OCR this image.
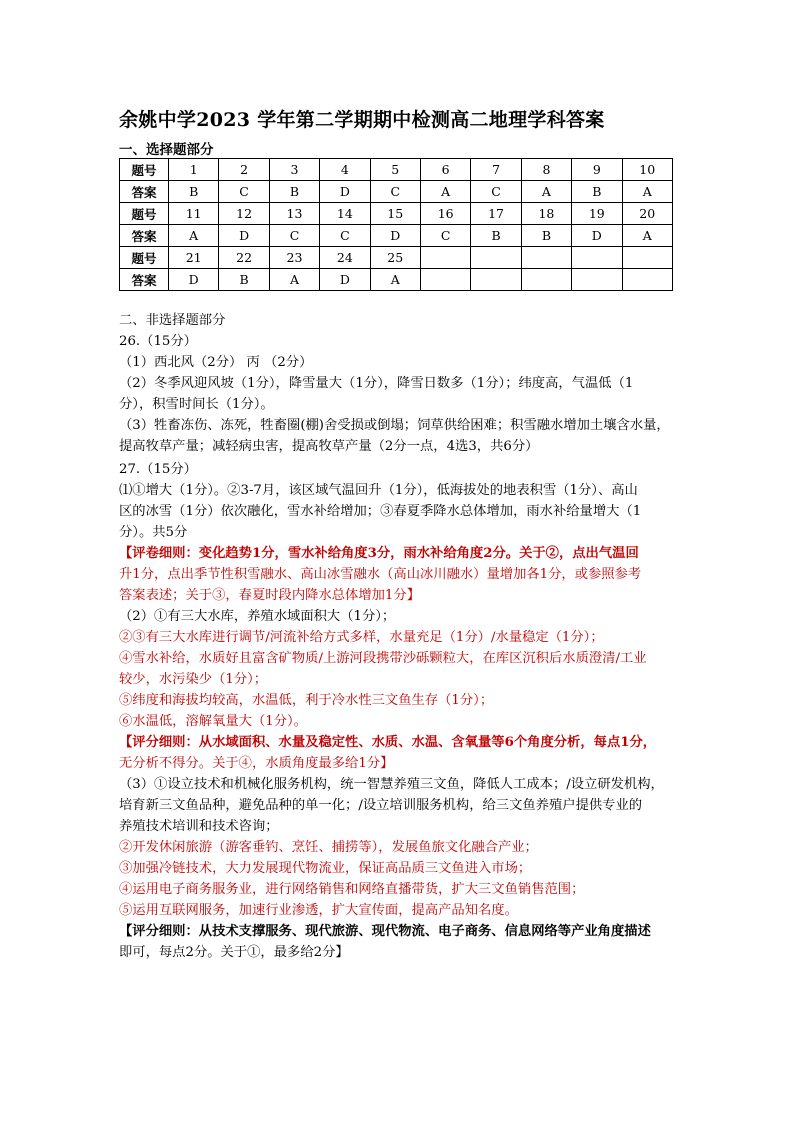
余姚中学2023 学年第二学期期中检测高二地理学科答案
一、选择题部分
题号	1	2	3	4	5	6	7	8	9	10
答案	B	C	B	D	C	A	C	A	B	A
题号	11	12	13	14	15	16	17	18	19	20
答案	A	D	C	C	D	C	B	B	D	A
题号	21	22	23	24	25					
答案	D	B	A	D	A					
二、非选择题部分
26.（15分）
（1）西北风（2分） 丙 （2分）
（2）冬季风迎风坡（1分），降雪量大（1分），降雪日数多（1分）；纬度高，气温低（1
分），积雪时间长（1分）。
（3）牲畜冻伤、冻死，牲畜圈(棚)舍受损或倒塌；饲草供给困难；积雪融水增加土壤含水量，
提高牧草产量；减轻病虫害，提高牧草产量（2分一点，4选3，共6分）
27.（15分）
⑴①增大（1分）。②3-7月，该区域气温回升（1分），低海拔处的地表积雪（1分）、高山
区的冰雪（1分）依次融化，雪水补给增加；③春夏季降水总体增加，雨水补给量增大（1
分）。共5分
【评卷细则：变化趋势1分，雪水补给角度3分，雨水补给角度2分。关于②，点出气温回
升1分，点出季节性积雪融水、高山冰雪融水（高山冰川融水）量增加各1分，或参照参考
答案表述；关于③，春夏时段内降水总体增加1分】
（2）①有三大水库，养殖水域面积大（1分）；
②③有三大水库进行调节/河流补给方式多样，水量充足（1分）/水量稳定（1分）；
④雪水补给，水质好且富含矿物质/上游河段携带沙砾颗粒大，在库区沉积后水质澄清/工业
较少，水污染少（1分）；
⑤纬度和海拔均较高，水温低，利于冷水性三文鱼生存（1分）；
⑥水温低，溶解氧量大（1分）。
【评分细则：从水域面积、水量及稳定性、水质、水温、含氧量等6个角度分析，每点1分，
无分析不得分。关于④，水质角度最多给1分】
（3）①设立技术和机械化服务机构，统一智慧养殖三文鱼，降低人工成本；/设立研发机构，
培育新三文鱼品种，避免品种的单一化；/设立培训服务机构，给三文鱼养殖户提供专业的
养殖技术培训和技术咨询；
②开发休闲旅游（游客垂钓、烹饪、捕捞等），发展鱼旅文化融合产业；
③加强冷链技术，大力发展现代物流业，保证高品质三文鱼进入市场；
④运用电子商务服务业，进行网络销售和网络直播带货，扩大三文鱼销售范围；
⑤运用互联网服务，加速行业渗透，扩大宣传面，提高产品知名度。
【评分细则：从技术支撑服务、现代旅游、现代物流、电子商务、信息网络等产业角度描述
即可，每点2分。关于①，最多给2分】
